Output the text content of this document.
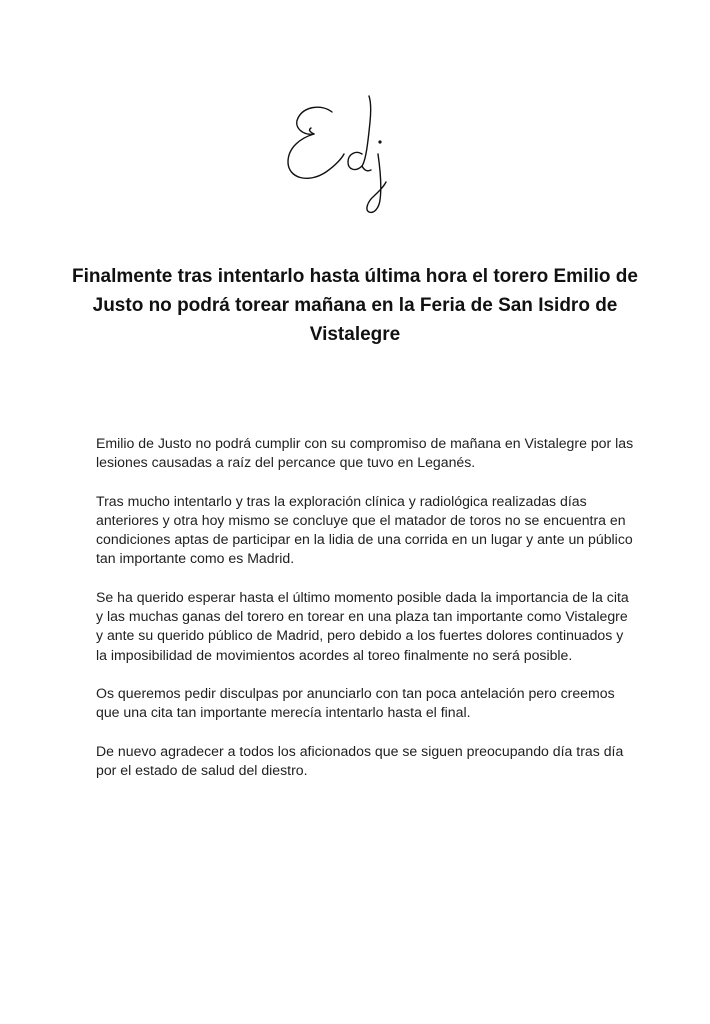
Finalmente tras intentarlo hasta última hora el torero Emilio de Justo no podrá torear mañana en la Feria de San Isidro de Vistalegre

Emilio de Justo no podrá cumplir con su compromiso de mañana en Vistalegre por las lesiones causadas a raíz del percance que tuvo en Leganés.

Tras mucho intentarlo y tras la exploración clínica y radiológica realizadas días anteriores y otra hoy mismo se concluye que el matador de toros no se encuentra en condiciones aptas de participar en la lidia de una corrida en un lugar y ante un público tan importante como es Madrid.

Se ha querido esperar hasta el último momento posible dada la importancia de la cita y las muchas ganas del torero en torear en una plaza tan importante como Vistalegre y ante su querido público de Madrid, pero debido a los fuertes dolores continuados y la imposibilidad de movimientos acordes al toreo finalmente no será posible.

Os queremos pedir disculpas por anunciarlo con tan poca antelación pero creemos que una cita tan importante merecía intentarlo hasta el final.

De nuevo agradecer a todos los aficionados que se siguen preocupando día tras día por el estado de salud del diestro.
